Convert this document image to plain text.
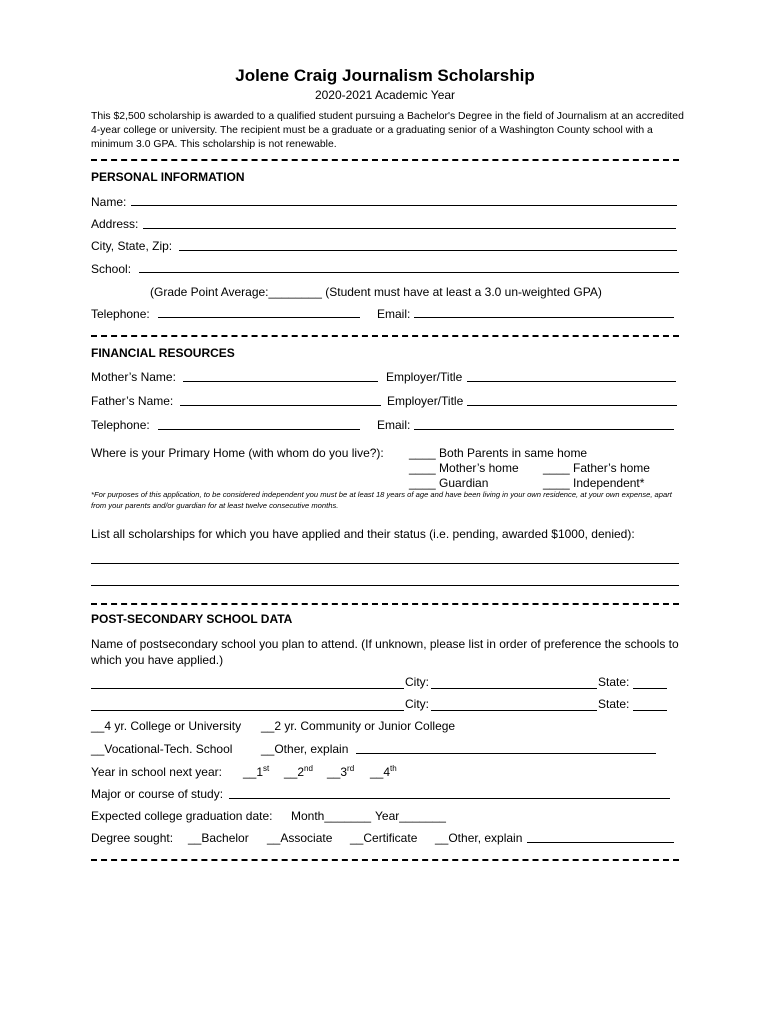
Jolene Craig Journalism Scholarship
2020-2021 Academic Year
This $2,500 scholarship is awarded to a qualified student pursuing a Bachelor's Degree in the field of Journalism at an accredited 4-year college or university. The recipient must be a graduate or a graduating senior of a Washington County school with a minimum 3.0 GPA. This scholarship is not renewable.
PERSONAL INFORMATION
Name:
Address:
City, State, Zip:
School:
(Grade Point Average:________ (Student must have at least a 3.0 un-weighted GPA)
Telephone:	Email:
FINANCIAL RESOURCES
Mother’s Name:	Employer/Title
Father’s Name:	Employer/Title
Telephone:	Email:
Where is your Primary Home (with whom do you live?): ____ Both Parents in same home
____ Mother’s home ____ Father’s home
____ Guardian	____ Independent*
*For purposes of this application, to be considered independent you must be at least 18 years of age and have been living in your own residence, at your own expense, apart from your parents and/or guardian for at least twelve consecutive months.
List all scholarships for which you have applied and their status (i.e. pending, awarded $1000, denied):
POST-SECONDARY SCHOOL DATA
Name of postsecondary school you plan to attend. (If unknown, please list in order of preference the schools to which you have applied.)
City:	State:
City:	State:
__4 yr. College or University __2 yr. Community or Junior College
__Vocational-Tech. School __Other, explain
Year in school next year: __1st __2nd __3rd __4th
Major or course of study:
Expected college graduation date: Month_______ Year_______
Degree sought: __Bachelor __Associate __Certificate __Other, explain
